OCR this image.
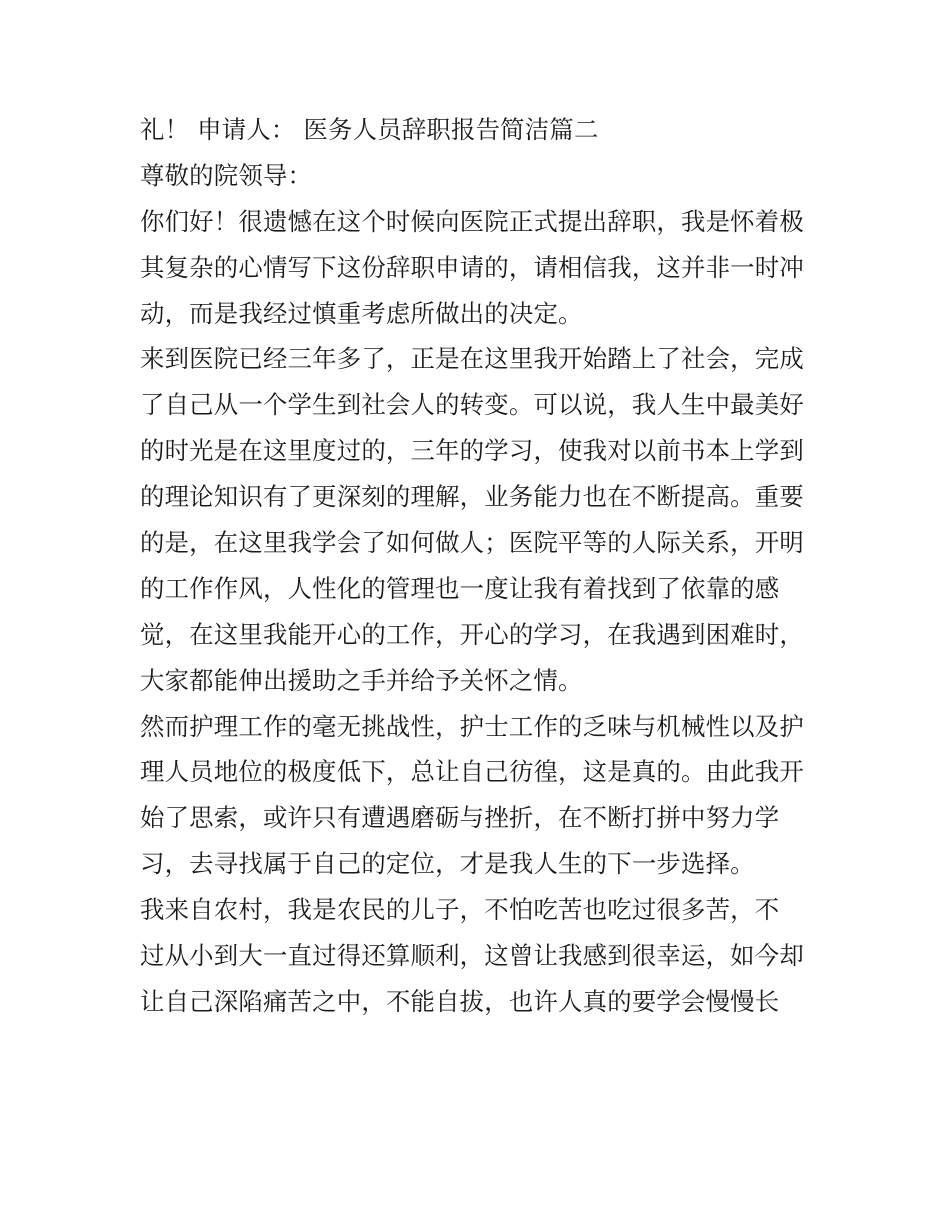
礼！ 申请人： 医务人员辞职报告简洁篇二
尊敬的院领导：
你们好！很遗憾在这个时候向医院正式提出辞职，我是怀着极
其复杂的心情写下这份辞职申请的，请相信我，这并非一时冲
动，而是我经过慎重考虑所做出的决定。
来到医院已经三年多了，正是在这里我开始踏上了社会，完成
了自己从一个学生到社会人的转变。可以说，我人生中最美好
的时光是在这里度过的，三年的学习，使我对以前书本上学到
的理论知识有了更深刻的理解，业务能力也在不断提高。重要
的是，在这里我学会了如何做人；医院平等的人际关系，开明
的工作作风，人性化的管理也一度让我有着找到了依靠的感
觉，在这里我能开心的工作，开心的学习，在我遇到困难时，
大家都能伸出援助之手并给予关怀之情。
然而护理工作的毫无挑战性，护士工作的乏味与机械性以及护
理人员地位的极度低下，总让自己彷徨，这是真的。由此我开
始了思索，或许只有遭遇磨砺与挫折，在不断打拼中努力学
习，去寻找属于自己的定位，才是我人生的下一步选择。
我来自农村，我是农民的儿子，不怕吃苦也吃过很多苦，不
过从小到大一直过得还算顺利，这曾让我感到很幸运，如今却
让自己深陷痛苦之中，不能自拔，也许人真的要学会慢慢长
